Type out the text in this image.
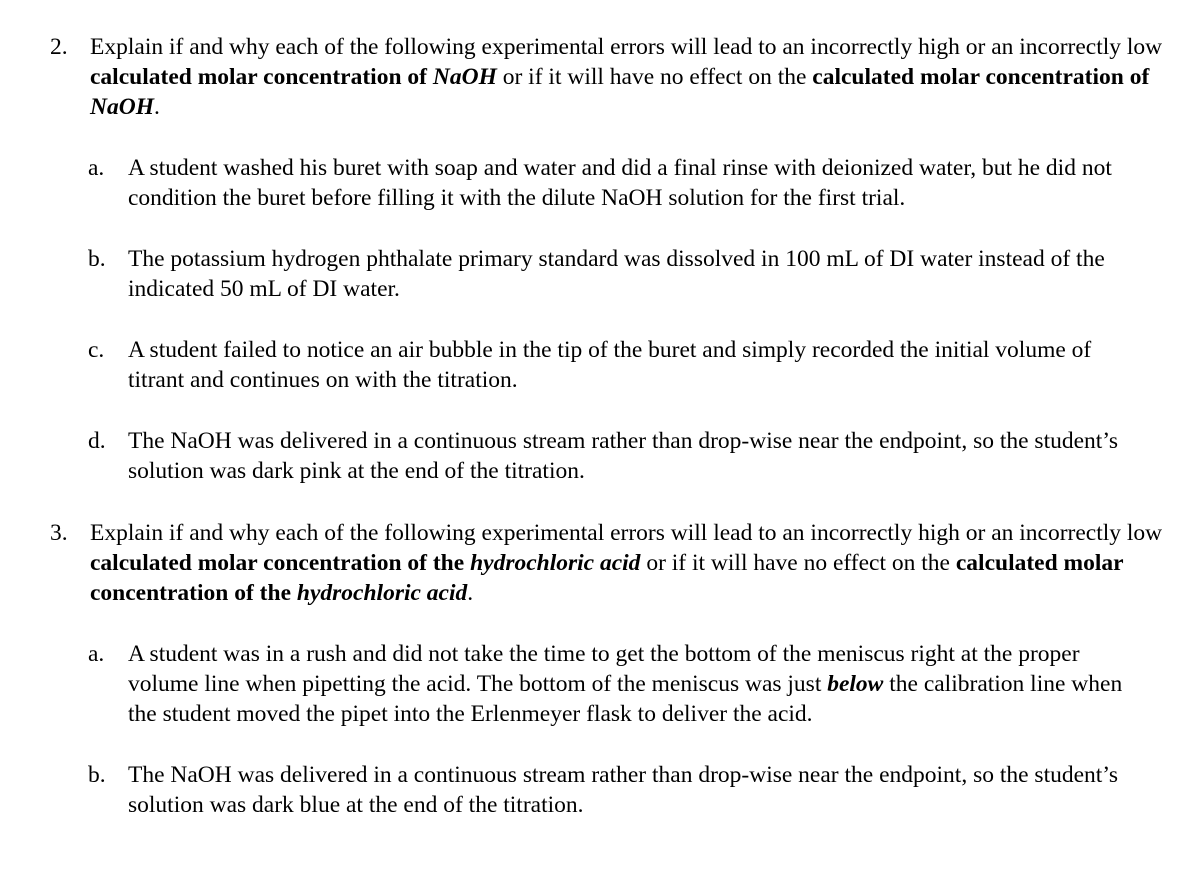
2. Explain if and why each of the following experimental errors will lead to an incorrectly high or an incorrectly low calculated molar concentration of NaOH or if it will have no effect on the calculated molar concentration of NaOH.
a. A student washed his buret with soap and water and did a final rinse with deionized water, but he did not condition the buret before filling it with the dilute NaOH solution for the first trial.
b. The potassium hydrogen phthalate primary standard was dissolved in 100 mL of DI water instead of the indicated 50 mL of DI water.
c. A student failed to notice an air bubble in the tip of the buret and simply recorded the initial volume of titrant and continues on with the titration.
d. The NaOH was delivered in a continuous stream rather than drop-wise near the endpoint, so the student’s solution was dark pink at the end of the titration.
3. Explain if and why each of the following experimental errors will lead to an incorrectly high or an incorrectly low calculated molar concentration of the hydrochloric acid or if it will have no effect on the calculated molar concentration of the hydrochloric acid.
a. A student was in a rush and did not take the time to get the bottom of the meniscus right at the proper volume line when pipetting the acid. The bottom of the meniscus was just below the calibration line when the student moved the pipet into the Erlenmeyer flask to deliver the acid.
b. The NaOH was delivered in a continuous stream rather than drop-wise near the endpoint, so the student’s solution was dark blue at the end of the titration.
